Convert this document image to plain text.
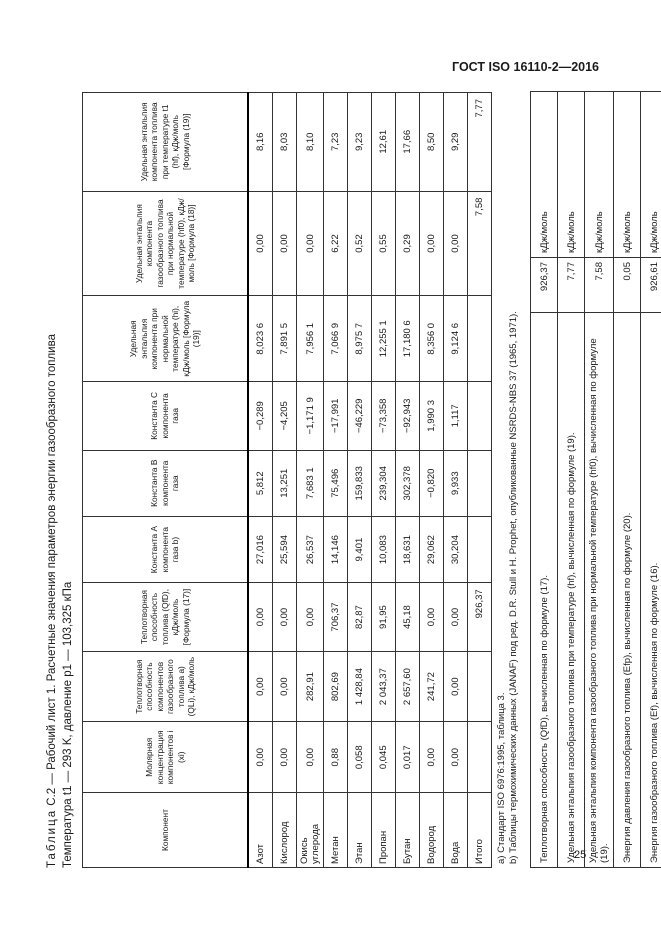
ГОСТ ISO 16110-2—2016
Таблица С.2 — Рабочий лист 1. Расчетные значения параметров энергии газообразного топлива Температура t1 — 293 K, давление p1 — 103,325 кПа	Компонент	Молярная концентрация компонентов i (xi)	Теплотворная способность компонентов газообразного топлива а) (QLi), кДж/моль	Теплотворная способность топлива (QfD), кДж/моль [Формула (17)]	Константа А компонента газа b)	Константа В компонента газа	Константа С компонента газа	Удельная энтальпия компонента при нормальной температуре (hi), кДж/моль [Формула (19)]	Удельная энтальпия компонента газообразного топлива при нормальной температуре (hf0), кДж/моль [Формула (18)]	Удельная энтальпия компонента топлива при температуре t1 (hf), кДж/моль [Формула (19)]
Азот	0,00	0,00	0,00	27,016	5,812	−0,289	8,023 6	0,00	8,16
Кислород	0,00	0,00	0,00	25,594	13,251	−4,205	7,891 5	0,00	8,03
Окись углерода	0,00	282,91	0,00	26,537	7,683 1	−1,171 9	7,956 1	0,00	8,10
Метан	0,88	802,69	706,37	14,146	75,496	−17,991	7,066 9	6,22	7,23
Этан	0,058	1 428,84	82,87	9,401	159,833	−46,229	8,975 7	0,52	9,23
Пропан	0,045	2 043,37	91,95	10,083	239,304	−73,358	12,255 1	0,55	12,61
Бутан	0,017	2 657,60	45,18	18,631	302,378	−92,943	17,180 6	0,29	17,66
Водород	0,00	241,72	0,00	29,062	−0,820	1,990 3	8,356 0	0,00	8,50
Вода	0,00	0,00	0,00	30,204	9,933	1,117	9,124 6	0,00	9,29
Итого			926,37					7,58	7,77
а) Стандарт ISO 6976:1995, таблица 3. b) Таблицы термохимических данных (JANAF) под ред. D.R. Stull и H. Prophet, опубликованные NSRDS-NBS 37 (1965, 1971). Теплотворная способность (QfD), вычисленная по формуле (17).	926,37	кДж/моль
Удельная энтальпия газообразного топлива при температуре (hf), вычисленная по формуле (19).	7,77	кДж/моль
Удельная энтальпия компонента газообразного топлива при нормальной температуре (hf0), вычисленная по формуле (19).	7,58	кДж/моль
Энергия давления газообразного топлива (Efp), вычисленная по формуле (20).	0,05	кДж/моль
Энергия газообразного топлива (Ef), вычисленная по формуле (16).	926,61	кДж/моль
25
